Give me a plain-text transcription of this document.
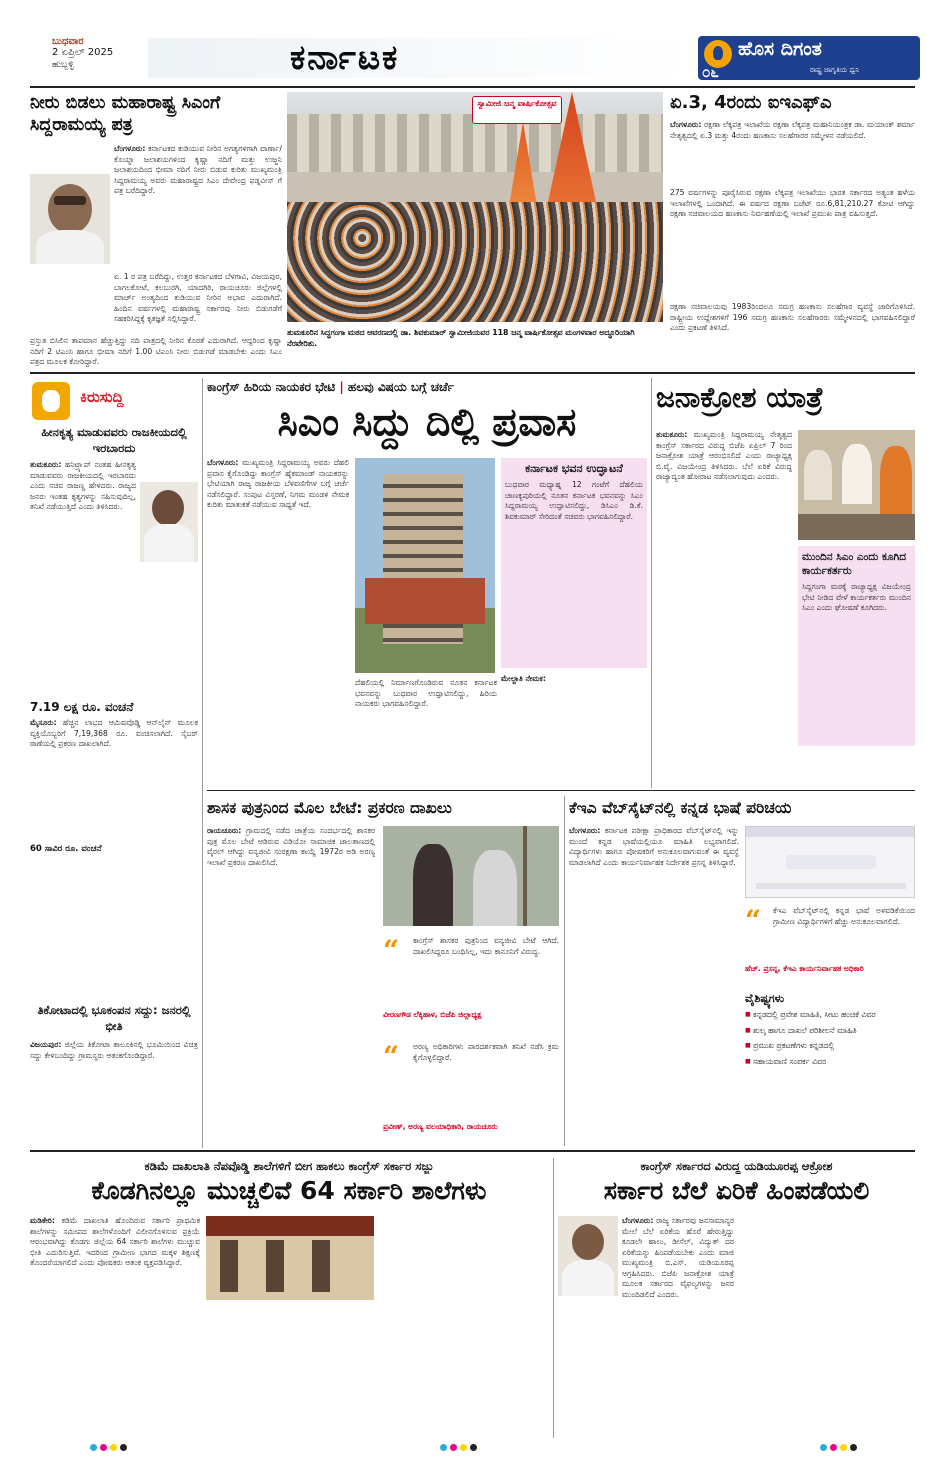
ಬುಧವಾರ
2 ಏಪ್ರಿಲ್ 2025
ಹುಬ್ಬಳ್ಳಿ	ಕರ್ನಾಟಕ	ಹೊಸ ದಿಗಂತ
೦೬	ರಾಷ್ಟ್ರ ಜಾಗೃತಿಯ ಧ್ವನಿ
ನೀರು ಬಿಡಲು ಮಹಾರಾಷ್ಟ್ರ ಸಿಎಂಗೆ ಸಿದ್ದರಾಮಯ್ಯ ಪತ್ರ
ಬೆಂಗಳೂರು: ಕರ್ನಾಟಕದ ಕುಡಿಯುವ ನೀರಿನ ಅಗತ್ಯಗಳಿಗಾಗಿ ವಾರ್ಣಾ/ಕೊಯ್ನಾ ಜಲಾಶಯಗಳಿಂದ ಕೃಷ್ಣಾ ನದಿಗೆ ಮತ್ತು ಉಜ್ಜನಿ ಜಲಾಶಯದಿಂದ ಭೀಮಾ ನದಿಗೆ ನೀರು ಬಿಡುವ ಕುರಿತು ಮುಖ್ಯಮಂತ್ರಿ ಸಿದ್ದರಾಮಯ್ಯ ಅವರು ಮಹಾರಾಷ್ಟ್ರದ ಸಿಎಂ ದೇವೇಂದ್ರ ಫಡ್ನವೀಸ್ ಗೆ ಪತ್ರ ಬರೆದಿದ್ದಾರೆ.
ಏ. 1 ರ ಪತ್ರ ಬರೆದಿದ್ದು, ಉತ್ತರ ಕರ್ನಾಟಕದ ಬೆಳಗಾವಿ, ವಿಜಯಪುರ, ಬಾಗಲಕೋಟೆ, ಕಲಬುರಗಿ, ಯಾದಗಿರಿ, ರಾಯಚೂರು ಜಿಲ್ಲೆಗಳಲ್ಲಿ ಮಾರ್ಚ್ ಅಂತ್ಯದಿಂದ ಕುಡಿಯುವ ನೀರಿನ ಅಭಾವ ಎದುರಾಗಿದೆ. ಹಿಂದಿನ ವರ್ಷಗಳಲ್ಲಿ ಮಹಾರಾಷ್ಟ್ರ ಸರ್ಕಾರವು ನೀರು ಬಿಡುಗಡೆಗೆ ಸಹಕರಿಸಿದ್ದಕ್ಕೆ ಕೃತಜ್ಞತೆ ಸಲ್ಲಿಸಿದ್ದಾರೆ.
ಪ್ರಸ್ತುತ ಬಿಸಿಲಿನ ತಾಪಮಾನ ಹೆಚ್ಚುತ್ತಿದ್ದು ನದಿ ಪಾತ್ರದಲ್ಲಿ ನೀರಿನ ಕೊರತೆ ಎದುರಾಗಿದೆ. ಆದ್ದರಿಂದ ಕೃಷ್ಣಾ ನದಿಗೆ 2 ಟಿಎಂಸಿ ಹಾಗೂ ಭೀಮಾ ನದಿಗೆ 1.00 ಟಿಎಂಸಿ ನೀರು ಬಿಡುಗಡೆ ಮಾಡಬೇಕು ಎಂದು ಸಿಎಂ ಪತ್ರದ ಮೂಲಕ ಕೋರಿದ್ದಾರೆ.
ಸ್ವಾಮೀಜಿ ಜನ್ಮ ವಾರ್ಷಿಕೋತ್ಸವ
ತುಮಕೂರಿನ ಸಿದ್ಧಗಂಗಾ ಮಠದ ಆವರಣದಲ್ಲಿ ಡಾ. ಶಿವಕುಮಾರ್ ಸ್ವಾಮೀಜಿಯವರ 118 ಜನ್ಮ ವಾರ್ಷಿಕೋತ್ಸವ ಮಂಗಳವಾರ ಅದ್ಧೂರಿಯಾಗಿ ನೆರವೇರಿತು.
ಏ.3, 4ರಂದು ಐಇಎಫ್‌ಎ
ಬೆಂಗಳೂರು: ರಕ್ಷಣಾ ಲೆಕ್ಕಪತ್ರ ಇಲಾಖೆಯ ರಕ್ಷಣಾ ಲೆಕ್ಕಪತ್ರ ಮಹಾನಿಯಂತ್ರಕ ಡಾ. ಮಯಾಂಕ್ ಶರ್ಮಾ ನೇತೃತ್ವದಲ್ಲಿ ಏ.3 ಮತ್ತು 4ರಂದು ಹಣಕಾಸು ಸಲಹೆಗಾರರ ಸಮ್ಮೇಳನ ನಡೆಯಲಿದೆ.
275 ವರ್ಷಗಳನ್ನು ಪೂರೈಸಿರುವ ರಕ್ಷಣಾ ಲೆಕ್ಕಪತ್ರ ಇಲಾಖೆಯು ಭಾರತ ಸರ್ಕಾರದ ಅತ್ಯಂತ ಹಳೆಯ ಇಲಾಖೆಗಳಲ್ಲಿ ಒಂದಾಗಿದೆ. ಈ ವರ್ಷದ ರಕ್ಷಣಾ ಬಜೆಟ್ ರೂ.6,81,210.27 ಕೋಟಿ ಆಗಿದ್ದು ರಕ್ಷಣಾ ಸಚಿವಾಲಯದ ಹಣಕಾಸು ನಿರ್ವಹಣೆಯಲ್ಲಿ ಇಲಾಖೆ ಪ್ರಮುಖ ಪಾತ್ರ ವಹಿಸುತ್ತದೆ.
ರಕ್ಷಣಾ ಸಚಿವಾಲಯವು 1983ರಿಂದಲೂ ಸಮಗ್ರ ಹಣಕಾಸು ಸಲಹೆಗಾರ ವ್ಯವಸ್ಥೆ ಜಾರಿಗೊಳಿಸಿದೆ. ರಾಷ್ಟ್ರೀಯ ಉದ್ದೇಶಗಳಿಗೆ 196 ಸಮಗ್ರ ಹಣಕಾಸು ಸಲಹೆಗಾರರು ಸಮ್ಮೇಳನದಲ್ಲಿ ಭಾಗವಹಿಸಲಿದ್ದಾರೆ ಎಂದು ಪ್ರಕಟಣೆ ತಿಳಿಸಿದೆ.
ಕಿರುಸುದ್ದಿ
ಹೀನಕೃತ್ಯ ಮಾಡುವವರು ರಾಜಕೀಯದಲ್ಲಿ ಇರಬಾರದು
ತುಮಕೂರು: ಹನಿಟ್ರ್ಯಾಪ್ ನಂತಹ ಹೀನಕೃತ್ಯ ಮಾಡುವವರು ರಾಜಕೀಯದಲ್ಲಿ ಇರಬಾರದು ಎಂದು ಸಚಿವ ರಾಜಣ್ಣ ಹೇಳಿದರು. ರಾಜ್ಯದ ಜನರು ಇಂತಹ ಕೃತ್ಯಗಳನ್ನು ಸಹಿಸುವುದಿಲ್ಲ, ತನಿಖೆ ನಡೆಯುತ್ತಿದೆ ಎಂದು ತಿಳಿಸಿದರು.
7.19 ಲಕ್ಷ ರೂ. ವಂಚನೆ
ಮೈಸೂರು: ಹೆಚ್ಚಿನ ಲಾಭದ ಆಮಿಷವೊಡ್ಡಿ ಆನ್‌ಲೈನ್ ಮೂಲಕ ವ್ಯಕ್ತಿಯೊಬ್ಬರಿಗೆ 7,19,368 ರೂ. ವಂಚಿಸಲಾಗಿದೆ. ಸೈಬರ್ ಠಾಣೆಯಲ್ಲಿ ಪ್ರಕರಣ ದಾಖಲಾಗಿದೆ.
60 ಸಾವಿರ ರೂ. ವಂಚನೆ
ತಿಕೋಟಾದಲ್ಲಿ ಭೂಕಂಪನ ಸದ್ದು: ಜನರಲ್ಲಿ ಭೀತಿ
ವಿಜಯಪುರ: ಜಿಲ್ಲೆಯ ತಿಕೋಟಾ ತಾಲೂಕಿನಲ್ಲಿ ಭೂಮಿಯಿಂದ ವಿಚಿತ್ರ ಸದ್ದು ಕೇಳಿಬಂದಿದ್ದು ಗ್ರಾಮಸ್ಥರು ಆತಂಕಗೊಂಡಿದ್ದಾರೆ.
ಕಾಂಗ್ರೆಸ್ ಹಿರಿಯ ನಾಯಕರ ಭೇಟಿ | ಹಲವು ವಿಷಯ ಬಗ್ಗೆ ಚರ್ಚೆ
ಸಿಎಂ ಸಿದ್ದು ದಿಲ್ಲಿ ಪ್ರವಾಸ
ಬೆಂಗಳೂರು: ಮುಖ್ಯಮಂತ್ರಿ ಸಿದ್ದರಾಮಯ್ಯ ಅವರು ದೆಹಲಿ ಪ್ರವಾಸ ಕೈಗೊಂಡಿದ್ದು ಕಾಂಗ್ರೆಸ್ ಹೈಕಮಾಂಡ್ ನಾಯಕರನ್ನು ಭೇಟಿಯಾಗಿ ರಾಜ್ಯ ರಾಜಕೀಯ ಬೆಳವಣಿಗೆಗಳ ಬಗ್ಗೆ ಚರ್ಚೆ ನಡೆಸಲಿದ್ದಾರೆ. ಸಂಪುಟ ವಿಸ್ತರಣೆ, ನಿಗಮ ಮಂಡಳಿ ನೇಮಕ ಕುರಿತು ಮಾತುಕತೆ ನಡೆಯುವ ಸಾಧ್ಯತೆ ಇದೆ.
ಕರ್ನಾಟಕ ಭವನ ಉದ್ಘಾಟನೆ
ಬುಧವಾರ ಮಧ್ಯಾಹ್ನ 12 ಗಂಟೆಗೆ ದೆಹಲಿಯ ಚಾಣಕ್ಯಪುರಿಯಲ್ಲಿ ನೂತನ ಕರ್ನಾಟಕ ಭವನವನ್ನು ಸಿಎಂ ಸಿದ್ದರಾಮಯ್ಯ ಉದ್ಘಾಟಿಸಲಿದ್ದು, ಡಿಸಿಎಂ ಡಿ.ಕೆ. ಶಿವಕುಮಾರ್ ಸೇರಿದಂತೆ ಸಚಿವರು ಭಾಗವಹಿಸಲಿದ್ದಾರೆ.
ದೆಹಲಿಯಲ್ಲಿ ನಿರ್ಮಾಣಗೊಂಡಿರುವ ನೂತನ ಕರ್ನಾಟಕ ಭವನವನ್ನು ಬುಧವಾರ ಉದ್ಘಾಟಿಸಲಿದ್ದು, ಹಿರಿಯ ನಾಯಕರು ಭಾಗವಹಿಸಲಿದ್ದಾರೆ.
ಮೇಲ್ಜಾತಿ ನೇಮಕ:
ಜನಾಕ್ರೋಶ ಯಾತ್ರೆ
ತುಮಕೂರು: ಮುಖ್ಯಮಂತ್ರಿ ಸಿದ್ದರಾಮಯ್ಯ ನೇತೃತ್ವದ ಕಾಂಗ್ರೆಸ್ ಸರ್ಕಾರದ ವಿರುದ್ಧ ಬಿಜೆಪಿ ಏಪ್ರಿಲ್ 7 ರಿಂದ ಜನಾಕ್ರೋಶ ಯಾತ್ರೆ ಆರಂಭಿಸಲಿದೆ ಎಂದು ರಾಜ್ಯಾಧ್ಯಕ್ಷ ಬಿ.ವೈ. ವಿಜಯೇಂದ್ರ ತಿಳಿಸಿದರು. ಬೆಲೆ ಏರಿಕೆ ವಿರುದ್ಧ ರಾಜ್ಯಾದ್ಯಂತ ಹೋರಾಟ ನಡೆಸಲಾಗುವುದು ಎಂದರು.
ಮುಂದಿನ ಸಿಎಂ ಎಂದು ಕೂಗಿದ ಕಾರ್ಯಕರ್ತರು
ಸಿದ್ದಗಂಗಾ ಮಠಕ್ಕೆ ರಾಜ್ಯಾಧ್ಯಕ್ಷ ವಿಜಯೇಂದ್ರ ಭೇಟಿ ನೀಡಿದ ವೇಳೆ ಕಾರ್ಯಕರ್ತರು ಮುಂದಿನ ಸಿಎಂ ಎಂದು ಘೋಷಣೆ ಕೂಗಿದರು.
ಶಾಸಕ ಪುತ್ರನಿಂದ ಮೊಲ ಬೇಟೆ: ಪ್ರಕರಣ ದಾಖಲು
ರಾಯಚೂರು: ಗ್ರಾಮದಲ್ಲಿ ನಡೆದ ಜಾತ್ರೆಯ ಸಂದರ್ಭದಲ್ಲಿ ಶಾಸಕರ ಪುತ್ರ ಮೊಲ ಬೇಟೆ ಆಡಿರುವ ವಿಡಿಯೋ ಸಾಮಾಜಿಕ ಜಾಲತಾಣದಲ್ಲಿ ವೈರಲ್ ಆಗಿದ್ದು ವನ್ಯಜೀವಿ ಸಂರಕ್ಷಣಾ ಕಾಯ್ದೆ 1972ರ ಅಡಿ ಅರಣ್ಯ ಇಲಾಖೆ ಪ್ರಕರಣ ದಾಖಲಿಸಿದೆ.
“ ಕಾಂಗ್ರೆಸ್ ಶಾಸಕರ ಪುತ್ರನಿಂದ ವನ್ಯಜೀವಿ ಬೇಟೆ ಆಗಿದೆ. ದಾಖಲಿಸಿದ್ದರೂ ಬಂಧಿಸಿಲ್ಲ, ಇದು ಕಾನೂನಿಗೆ ವಿರುದ್ಧ.
ವೀರಣಗೌಡ ಲೆಕ್ಕಿಹಾಳ, ಬಿಜೆಪಿ ಜಿಲ್ಲಾಧ್ಯಕ್ಷ
“ ಅರಣ್ಯ ಅಧಿಕಾರಿಗಳು ಪಾರದರ್ಶಕವಾಗಿ ತನಿಖೆ ನಡೆಸಿ ಕ್ರಮ ಕೈಗೊಳ್ಳಲಿದ್ದಾರೆ.
ಪ್ರವೀಣ್, ಅರಣ್ಯ ವಲಯಾಧಿಕಾರಿ, ರಾಯಚೂರು
ಕೆಇಎ ವೆಬ್‌ಸೈಟ್‌ನಲ್ಲಿ ಕನ್ನಡ ಭಾಷೆ ಪರಿಚಯ
ಬೆಂಗಳೂರು: ಕರ್ನಾಟಕ ಪರೀಕ್ಷಾ ಪ್ರಾಧಿಕಾರದ ವೆಬ್‌ಸೈಟ್‌ನಲ್ಲಿ ಇನ್ನು ಮುಂದೆ ಕನ್ನಡ ಭಾಷೆಯಲ್ಲಿಯೂ ಮಾಹಿತಿ ಲಭ್ಯವಾಗಲಿದೆ. ವಿದ್ಯಾರ್ಥಿಗಳು ಹಾಗೂ ಪೋಷಕರಿಗೆ ಅನುಕೂಲವಾಗುವಂತೆ ಈ ವ್ಯವಸ್ಥೆ ಮಾಡಲಾಗಿದೆ ಎಂದು ಕಾರ್ಯನಿರ್ವಾಹಕ ನಿರ್ದೇಶಕ ಪ್ರಸನ್ನ ತಿಳಿಸಿದ್ದಾರೆ.
“ ಕೆಇಎ ವೆಬ್‌ಸೈಟ್‌ನಲ್ಲಿ ಕನ್ನಡ ಭಾಷೆ ಅಳವಡಿಕೆಯಿಂದ ಗ್ರಾಮೀಣ ವಿದ್ಯಾರ್ಥಿಗಳಿಗೆ ಹೆಚ್ಚು ಅನುಕೂಲವಾಗಲಿದೆ.
ಹೆಚ್. ಪ್ರಸನ್ನ, ಕೆಇಎ ಕಾರ್ಯನಿರ್ವಾಹಕ ಅಧಿಕಾರಿ
ವೈಶಿಷ್ಟ್ಯಗಳು
■ ಕನ್ನಡದಲ್ಲಿ ಪ್ರವೇಶ ಮಾಹಿತಿ, ಸೀಟು ಹಂಚಿಕೆ ವಿವರ
■ ಶುಲ್ಕ ಹಾಗೂ ದಾಖಲೆ ಪರಿಶೀಲನೆ ಮಾಹಿತಿ
■ ಪ್ರಮುಖ ಪ್ರಕಟಣೆಗಳು ಕನ್ನಡದಲ್ಲಿ
■ ಸಹಾಯವಾಣಿ ಸಂಪರ್ಕ ವಿವರ
ಕಡಿಮೆ ದಾಖಲಾತಿ ನೆಪವೊಡ್ಡಿ ಶಾಲೆಗಳಿಗೆ ಬೀಗ ಹಾಕಲು ಕಾಂಗ್ರೆಸ್ ಸರ್ಕಾರ ಸಜ್ಜು
ಕೊಡಗಿನಲ್ಲೂ ಮುಚ್ಚಲಿವೆ 64 ಸರ್ಕಾರಿ ಶಾಲೆಗಳು
ಮಡಿಕೇರಿ: ಕಡಿಮೆ ದಾಖಲಾತಿ ಹೊಂದಿರುವ ಸರ್ಕಾರಿ ಪ್ರಾಥಮಿಕ ಶಾಲೆಗಳನ್ನು ಸಮೀಪದ ಶಾಲೆಗಳೊಂದಿಗೆ ವಿಲೀನಗೊಳಿಸುವ ಪ್ರಕ್ರಿಯೆ ಆರಂಭವಾಗಿದ್ದು ಕೊಡಗು ಜಿಲ್ಲೆಯ 64 ಸರ್ಕಾರಿ ಶಾಲೆಗಳು ಮುಚ್ಚುವ ಭೀತಿ ಎದುರಿಸುತ್ತಿವೆ. ಇದರಿಂದ ಗ್ರಾಮೀಣ ಭಾಗದ ಮಕ್ಕಳ ಶಿಕ್ಷಣಕ್ಕೆ ತೊಂದರೆಯಾಗಲಿದೆ ಎಂದು ಪೋಷಕರು ಆತಂಕ ವ್ಯಕ್ತಪಡಿಸಿದ್ದಾರೆ.
ಕಾಂಗ್ರೆಸ್ ಸರ್ಕಾರದ ವಿರುದ್ಧ ಯಡಿಯೂರಪ್ಪ ಆಕ್ರೋಶ
ಸರ್ಕಾರ ಬೆಲೆ ಏರಿಕೆ ಹಿಂಪಡೆಯಲಿ
ಬೆಂಗಳೂರು: ರಾಜ್ಯ ಸರ್ಕಾರವು ಜನಸಾಮಾನ್ಯರ ಮೇಲೆ ಬೆಲೆ ಏರಿಕೆಯ ಹೊರೆ ಹೇರುತ್ತಿದ್ದು ಕೂಡಲೇ ಹಾಲು, ಡೀಸೆಲ್, ವಿದ್ಯುತ್ ದರ ಏರಿಕೆಯನ್ನು ಹಿಂಪಡೆಯಬೇಕು ಎಂದು ಮಾಜಿ ಮುಖ್ಯಮಂತ್ರಿ ಬಿ.ಎಸ್. ಯಡಿಯೂರಪ್ಪ ಆಗ್ರಹಿಸಿದರು. ಬಿಜೆಪಿ ಜನಾಕ್ರೋಶ ಯಾತ್ರೆ ಮೂಲಕ ಸರ್ಕಾರದ ವೈಫಲ್ಯಗಳನ್ನು ಜನರ ಮುಂದಿಡಲಿದೆ ಎಂದರು.
